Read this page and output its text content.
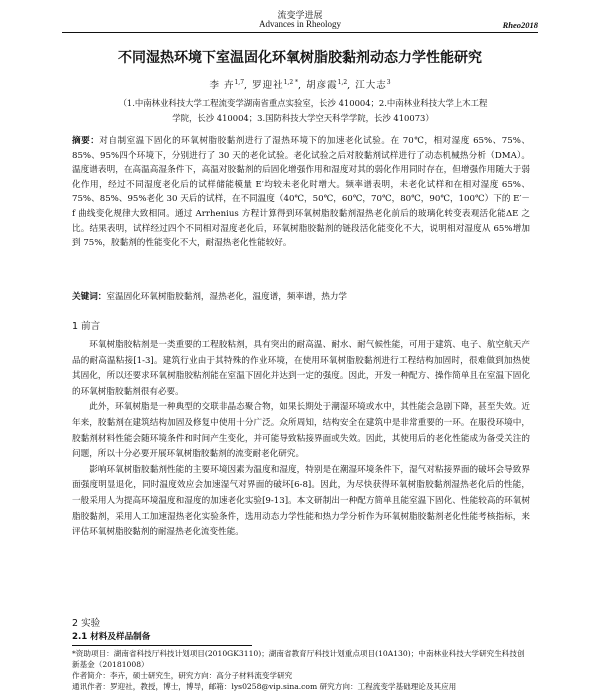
流变学进展
Advances in Rheology	Rheo2018
不同湿热环境下室温固化环氧树脂胶黏剂动态力学性能研究
李 卉$^{1,7}$, 罗迎社$^{1,2 *}$, 胡彦霞$^{1,2}$, 江大志$^3$
（1.中南林业科技大学工程流变学湖南省重点实验室，长沙 410004；2.中南林业科技大学上木工程
学院，长沙 410004；3.国防科技大学空天科学学院，长沙 410073）
摘要：对自制室温下固化的环氧树脂胶黏剂进行了湿热环境下的加速老化试验。在 70℃，相对湿度 65%、75%、85%、95%四个环境下，分别进行了 30 天的老化试验。老化试验之后对胶黏剂试样进行了动态机械热分析（DMA）。温度谱表明，在高温高湿条件下，高温对胶黏剂的后固化增强作用和湿度对其的弱化作用同时存在，但增强作用随大于弱化作用，经过不同湿度老化后的试样储能模量 E′均较未老化时增大。频率谱表明，未老化试样和在相对湿度 65%、75%、85%、95%老化 30 天后的试样，在不同温度（40℃，50℃，60℃，70℃，80℃，90℃，100℃）下的 E′－f 曲线变化规律大致相同。通过 Arrhenius 方程计算得到环氧树脂胶黏剂湿热老化前后的玻璃化转变表观活化能ΔE 之比。结果表明，试样经过四个不同相对湿度老化后，环氧树脂胶黏剂的链段活化能变化不大，说明相对湿度从 65%增加到 75%，胶黏剂的性能变化不大，耐湿热老化性能较好。
关键词：室温固化环氧树脂胶黏剂，湿热老化，温度谱，频率谱，热力学
1 前言

环氧树脂胶粘剂是一类重要的工程胶粘剂，具有突出的耐高温、耐水、耐气候性能，可用于建筑、电子、航空航天产品的耐高温粘接[1-3]。建筑行业由于其特殊的作业环境，在使用环氧树脂胶黏剂进行工程结构加固时，很难做到加热使其固化，所以还要求环氧树脂胶粘剂能在室温下固化并达到一定的强度。因此，开发一种配方、操作简单且在室温下固化的环氧树脂胶黏剂很有必要。

此外，环氧树脂是一种典型的交联非晶态聚合物，如果长期处于潮湿环境或水中，其性能会急剧下降，甚至失效。近年来，胶黏剂在建筑结构加固及修复中使用十分广泛。众所周知，结构安全在建筑中是非常重要的一环。在服役环境中，胶黏剂材料性能会随环境条件和时间产生变化，并可能导致粘接界面或失效。因此，其使用后的老化性能成为备受关注的问题，所以十分必要开展环氧树脂胶黏剂的流变耐老化研究。

影响环氧树脂胶黏剂性能的主要环境因素为温度和湿度，特别是在潮湿环境条件下，湿气对粘接界面的破坏会导致界面强度明显退化，同时温度效应会加速湿气对界面的破坏[6-8]。因此，为尽快获得环氧树脂胶黏剂湿热老化后的性能，一般采用人为提高环境温度和湿度的加速老化实验[9-13]。本文研制出一种配方简单且能室温下固化、性能较高的环氧树脂胶黏剂，采用人工加速湿热老化实验条件，选用动态力学性能和热力学分析作为环氧树脂胶黏剂老化性能考核指标，来评估环氧树脂胶黏剂的耐湿热老化流变性能。

2 实验
2.1 材料及样品制备
*资助项目：湖南省科技厅科技计划项目(2010GK3110)；湖南省教育厅科技计划重点项目(10A130)；中南林业科技大学研究生科技创新基金（20181008）
作者简介：李卉，硕士研究生，研究方向：高分子材料流变学研究
通讯作者：罗迎社，教授，博士，博导，邮箱：lys0258@vip.sina.com 研究方向：工程流变学基础理论及其应用
